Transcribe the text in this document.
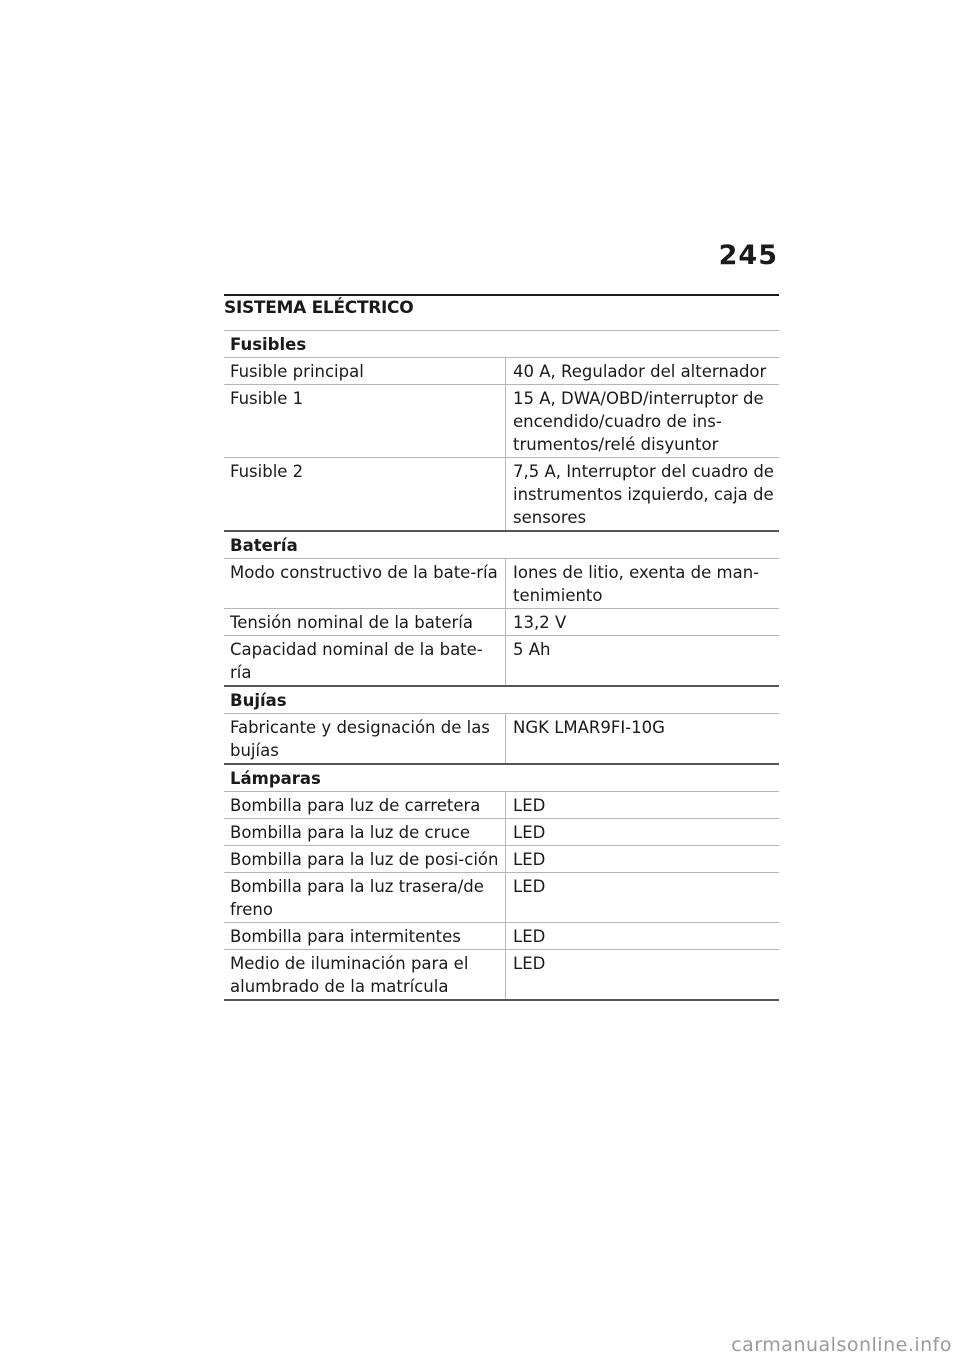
245
SISTEMA ELÉCTRICO
Fusibles	
Fusible principal	40 A, Regulador del alternador
Fusible 1	15 A, DWA/OBD/interruptor de encendido/cuadro de ins-trumentos/relé disyuntor
Fusible 2	7,5 A, Interruptor del cuadro de instrumentos izquierdo, caja de sensores
Batería	
Modo constructivo de la bate-ría	Iones de litio, exenta de man-tenimiento
Tensión nominal de la batería	13,2 V
Capacidad nominal de la bate-ría	5 Ah
Bujías	
Fabricante y designación de las bujías	NGK LMAR9FI-10G
Lámparas	
Bombilla para luz de carretera	LED
Bombilla para la luz de cruce	LED
Bombilla para la luz de posi-ción	LED
Bombilla para la luz trasera/de freno	LED
Bombilla para intermitentes	LED
Medio de iluminación para el alumbrado de la matrícula	LED
carmanualsonline.info
